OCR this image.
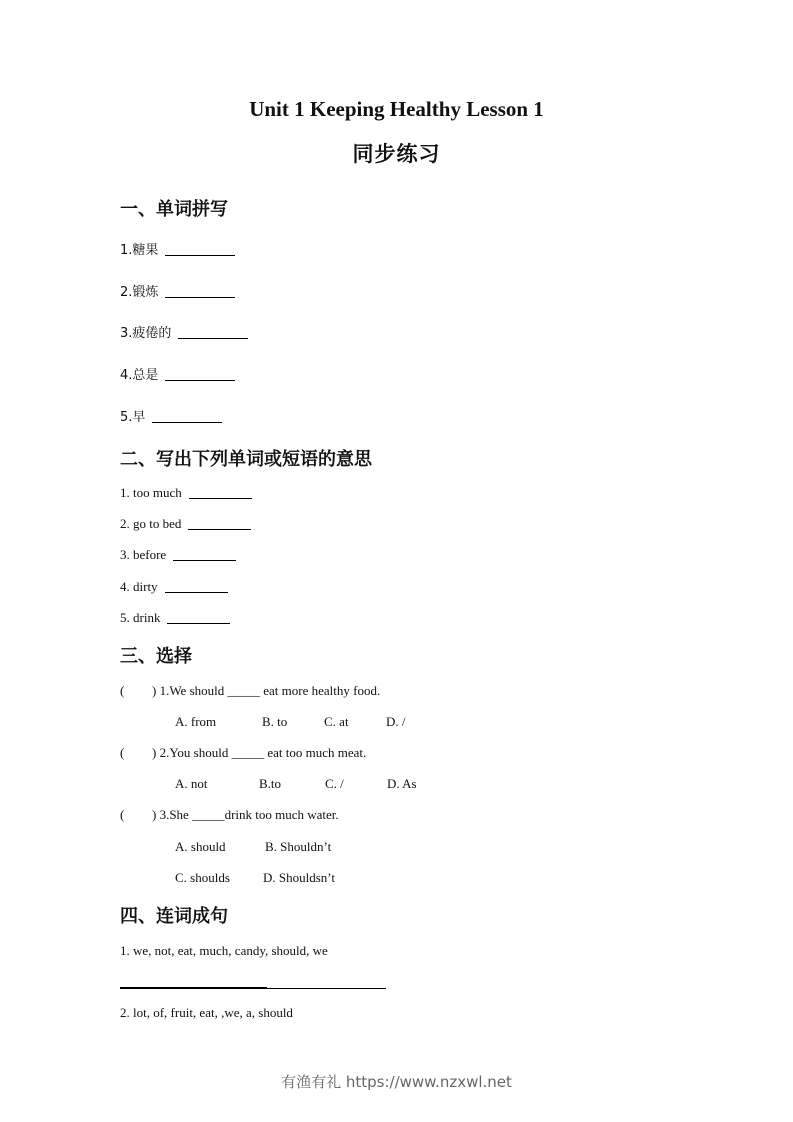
Unit 1 Keeping Healthy Lesson 1
同步练习
一、单词拼写
1.糖果
2.锻炼
3.疲倦的
4.总是
5.早
二、写出下列单词或短语的意思
1. too much
2. go to bed
3. before
4. dirty
5. drink
三、选择
( ) 1.We should _____ eat more healthy food.
A. from	B. to	C. at	D. /
( ) 2.You should _____ eat too much meat.
A. not	B.to	C. /	D. As
( ) 3.She _____drink too much water.
A. should	B. Shouldn’t
C. shoulds	D. Shouldsn’t
四、连词成句
1. we, not, eat, much, candy, should, we
2. lot, of, fruit, eat, ,we, a, should
有渔有礼 https://www.nzxwl.net
